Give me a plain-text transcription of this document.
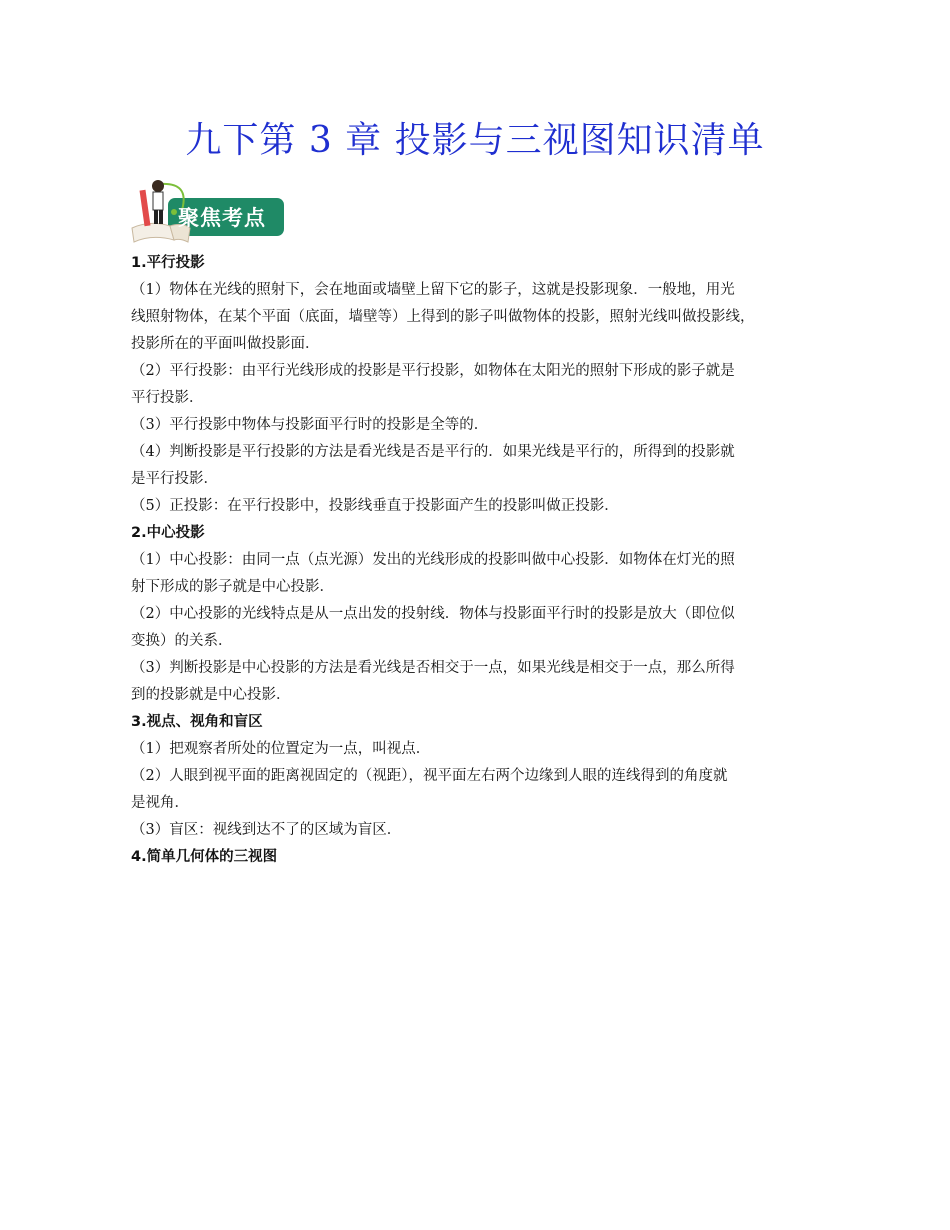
九下第 3 章 投影与三视图知识清单
聚焦考点
1.平行投影
（1）物体在光线的照射下，会在地面或墙壁上留下它的影子，这就是投影现象．一般地，用光
线照射物体，在某个平面（底面，墙壁等）上得到的影子叫做物体的投影，照射光线叫做投影线，
投影所在的平面叫做投影面．
（2）平行投影：由平行光线形成的投影是平行投影，如物体在太阳光的照射下形成的影子就是
平行投影．
（3）平行投影中物体与投影面平行时的投影是全等的．
（4）判断投影是平行投影的方法是看光线是否是平行的．如果光线是平行的，所得到的投影就
是平行投影．
（5）正投影：在平行投影中，投影线垂直于投影面产生的投影叫做正投影．
2.中心投影
（1）中心投影：由同一点（点光源）发出的光线形成的投影叫做中心投影．如物体在灯光的照
射下形成的影子就是中心投影．
（2）中心投影的光线特点是从一点出发的投射线．物体与投影面平行时的投影是放大（即位似
变换）的关系．
（3）判断投影是中心投影的方法是看光线是否相交于一点，如果光线是相交于一点，那么所得
到的投影就是中心投影．
3.视点、视角和盲区
（1）把观察者所处的位置定为一点，叫视点．
（2）人眼到视平面的距离视固定的（视距），视平面左右两个边缘到人眼的连线得到的角度就
是视角．
（3）盲区：视线到达不了的区域为盲区．
4.简单几何体的三视图
